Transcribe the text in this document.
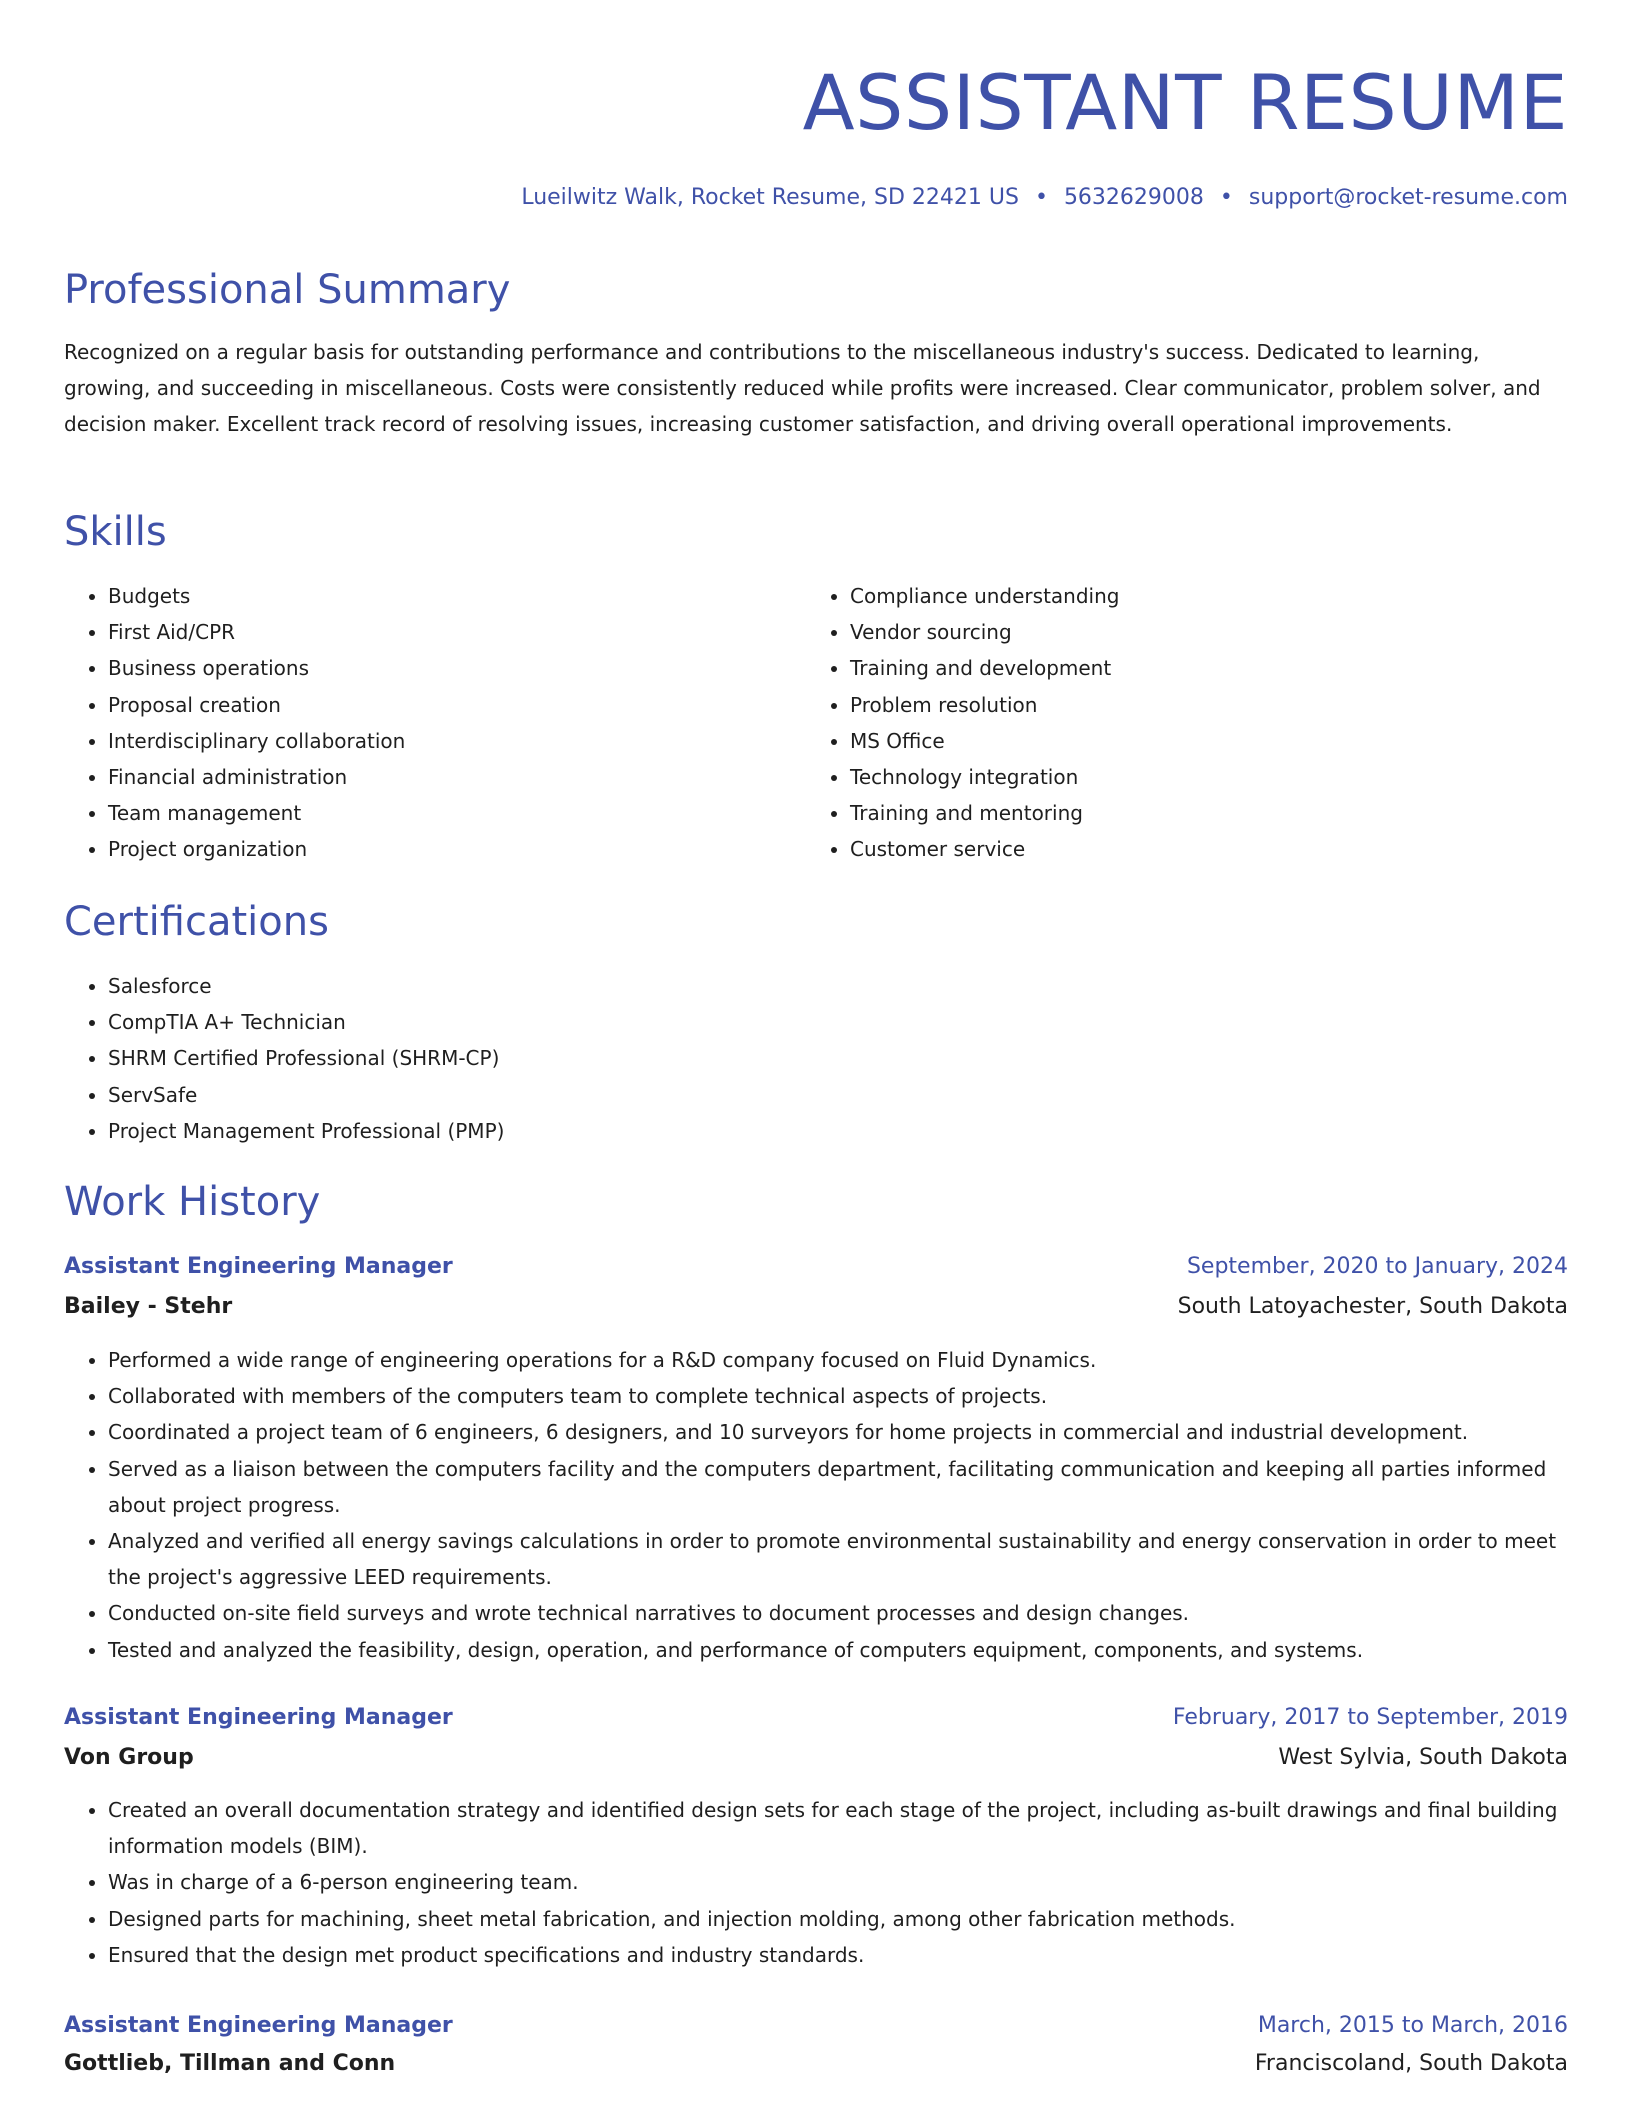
ASSISTANT RESUME
Lueilwitz Walk, Rocket Resume, SD 22421 US • 5632629008 • support@rocket-resume.com
Professional Summary

Recognized on a regular basis for outstanding performance and contributions to the miscellaneous industry's success. Dedicated to learning, growing, and succeeding in miscellaneous. Costs were consistently reduced while profits were increased. Clear communicator, problem solver, and decision maker. Excellent track record of resolving issues, increasing customer satisfaction, and driving overall operational improvements.

Skills
• Budgets
• First Aid/CPR
• Business operations
• Proposal creation
• Interdisciplinary collaboration
• Financial administration
• Team management
• Project organization
• Compliance understanding
• Vendor sourcing
• Training and development
• Problem resolution
• MS Office
• Technology integration
• Training and mentoring
• Customer service
Certifications
• Salesforce
• CompTIA A+ Technician
• SHRM Certified Professional (SHRM-CP)
• ServSafe
• Project Management Professional (PMP)
Work History
Assistant Engineering Manager	September, 2020 to January, 2024
Bailey - Stehr	South Latoyachester, South Dakota
• Performed a wide range of engineering operations for a R&D company focused on Fluid Dynamics.
• Collaborated with members of the computers team to complete technical aspects of projects.
• Coordinated a project team of 6 engineers, 6 designers, and 10 surveyors for home projects in commercial and industrial development.
• Served as a liaison between the computers facility and the computers department, facilitating communication and keeping all parties informed about project progress.
• Analyzed and verified all energy savings calculations in order to promote environmental sustainability and energy conservation in order to meet the project's aggressive LEED requirements.
• Conducted on-site field surveys and wrote technical narratives to document processes and design changes.
• Tested and analyzed the feasibility, design, operation, and performance of computers equipment, components, and systems.
Assistant Engineering Manager	February, 2017 to September, 2019
Von Group	West Sylvia, South Dakota
• Created an overall documentation strategy and identified design sets for each stage of the project, including as-built drawings and final building information models (BIM).
• Was in charge of a 6-person engineering team.
• Designed parts for machining, sheet metal fabrication, and injection molding, among other fabrication methods.
• Ensured that the design met product specifications and industry standards.
Assistant Engineering Manager	March, 2015 to March, 2016
Gottlieb, Tillman and Conn	Franciscoland, South Dakota
